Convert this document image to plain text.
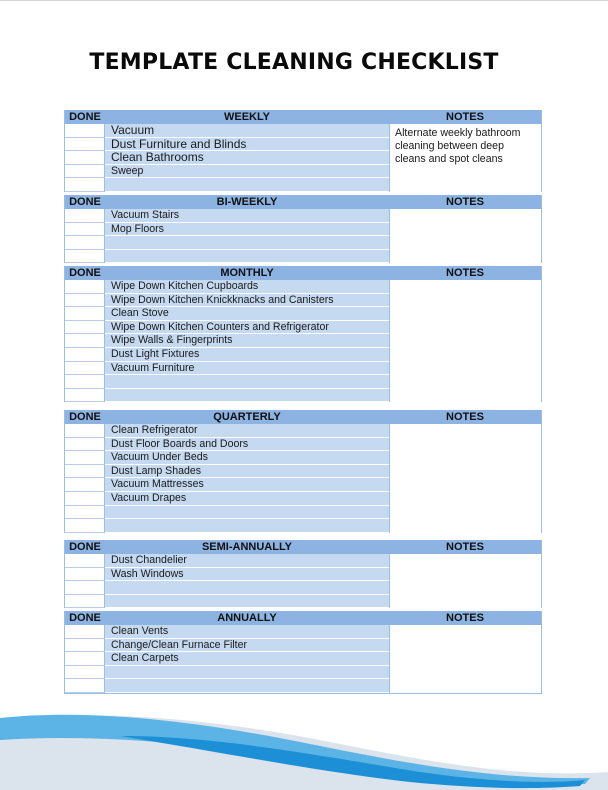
TEMPLATE CLEANING CHECKLIST
DONE	WEEKLY	NOTES
Vacuum
Dust Furniture and Blinds
Clean Bathrooms
Sweep
Alternate weekly bathroom cleaning between deep cleans and spot cleans
DONE	BI-WEEKLY	NOTES
Vacuum Stairs
Mop Floors
DONE	MONTHLY	NOTES
Wipe Down Kitchen Cupboards
Wipe Down Kitchen Knickknacks and Canisters
Clean Stove
Wipe Down Kitchen Counters and Refrigerator
Wipe Walls & Fingerprints
Dust Light Fixtures
Vacuum Furniture
DONE	QUARTERLY	NOTES
Clean Refrigerator
Dust Floor Boards and Doors
Vacuum Under Beds
Dust Lamp Shades
Vacuum Mattresses
Vacuum Drapes
DONE	SEMI-ANNUALLY	NOTES
Dust Chandelier
Wash Windows
DONE	ANNUALLY	NOTES
Clean Vents
Change/Clean Furnace Filter
Clean Carpets
